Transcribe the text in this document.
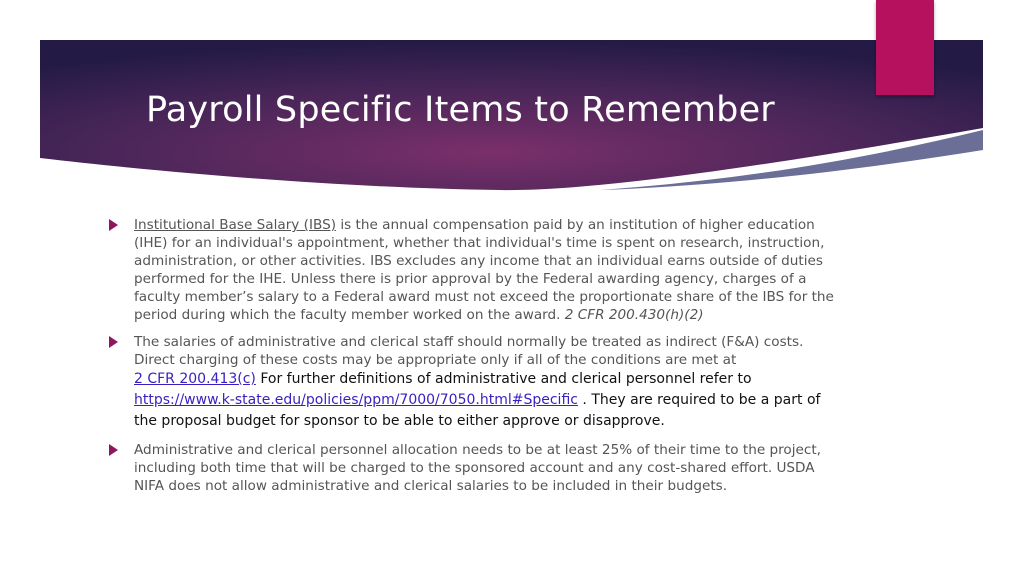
Payroll Specific Items to Remember
Institutional Base Salary (IBS) is the annual compensation paid by an institution of higher education (IHE) for an individual's appointment, whether that individual's time is spent on research, instruction, administration, or other activities. IBS excludes any income that an individual earns outside of duties performed for the IHE. Unless there is prior approval by the Federal awarding agency, charges of a faculty member’s salary to a Federal award must not exceed the proportionate share of the IBS for the period during which the faculty member worked on the award. 2 CFR 200.430(h)(2)
The salaries of administrative and clerical staff should normally be treated as indirect (F&A) costs. Direct charging of these costs may be appropriate only if all of the conditions are met at
2 CFR 200.413(c) For further definitions of administrative and clerical personnel refer to
https://www.k-state.edu/policies/ppm/7000/7050.html#Specific . They are required to be a part of the proposal budget for sponsor to be able to either approve or disapprove.
Administrative and clerical personnel allocation needs to be at least 25% of their time to the project, including both time that will be charged to the sponsored account and any cost-shared effort. USDA NIFA does not allow administrative and clerical salaries to be included in their budgets.
